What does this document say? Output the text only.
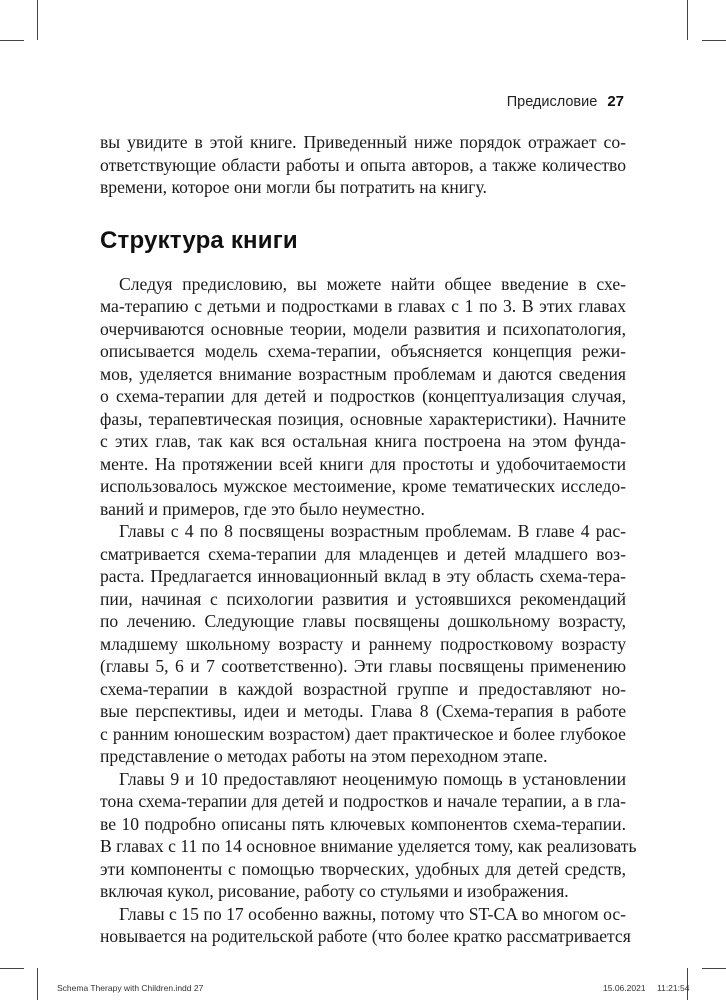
Предисловие 27

вы увидите в этой книге. Приведенный ниже порядок отражает со-
ответствующие области работы и опыта авторов, а также количество
времени, которое они могли бы потратить на книгу.

Структура книги

Следуя предисловию, вы можете найти общее введение в схе-
ма-терапию с детьми и подростками в главах с 1 по 3. В этих главах
очерчиваются основные теории, модели развития и психопатология,
описывается модель схема-терапии, объясняется концепция режи-
мов, уделяется внимание возрастным проблемам и даются сведения
о схема-терапии для детей и подростков (концептуализация случая,
фазы, терапевтическая позиция, основные характеристики). Начните
с этих глав, так как вся остальная книга построена на этом фунда-
менте. На протяжении всей книги для простоты и удобочитаемости
использовалось мужское местоимение, кроме тематических исследо-
ваний и примеров, где это было неуместно.

Главы с 4 по 8 посвящены возрастным проблемам. В главе 4 рас-
сматривается схема-терапии для младенцев и детей младшего воз-
раста. Предлагается инновационный вклад в эту область схема-тера-
пии, начиная с психологии развития и устоявшихся рекомендаций
по лечению. Следующие главы посвящены дошкольному возрасту,
младшему школьному возрасту и раннему подростковому возрасту
(главы 5, 6 и 7 соответственно). Эти главы посвящены применению
схема-терапии в каждой возрастной группе и предоставляют но-
вые перспективы, идеи и методы. Глава 8 (Схема-терапия в работе
с ранним юношеским возрастом) дает практическое и более глубокое
представление о методах работы на этом переходном этапе.

Главы 9 и 10 предоставляют неоценимую помощь в установлении
тона схема-терапии для детей и подростков и начале терапии, а в гла-
ве 10 подробно описаны пять ключевых компонентов схема-терапии.
В главах с 11 по 14 основное внимание уделяется тому, как реализовать
эти компоненты с помощью творческих, удобных для детей средств,
включая кукол, рисование, работу со стульями и изображения.

Главы с 15 по 17 особенно важны, потому что ST-CA во многом ос-
новывается на родительской работе (что более кратко рассматривается

Schema Therapy with Children.indd 27	15.06.2021 11:21:54
